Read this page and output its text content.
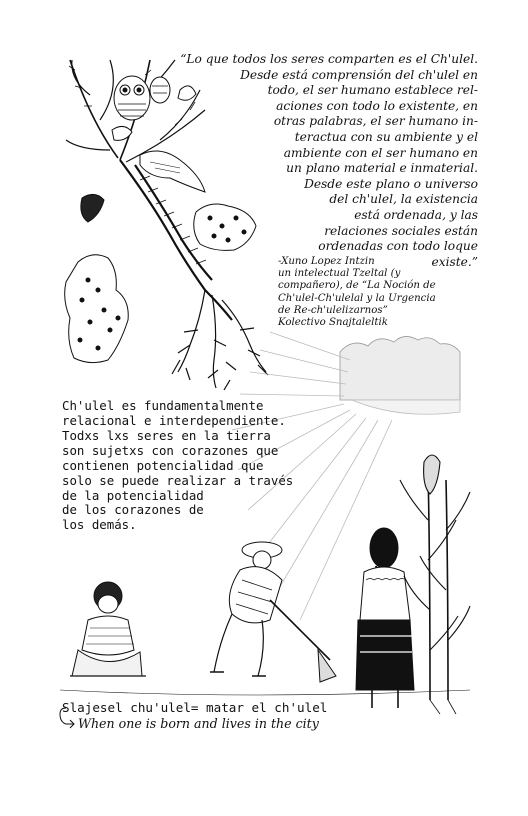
“Lo que todos los seres comparten es el Ch'ulel.
Desde está comprensión del ch'ulel en
todo, el ser humano establece rel-
aciones con todo lo existente, en
otras palabras, el ser humano in-
teractua con su ambiente y el
ambiente con el ser humano en
un plano material e inmaterial.
Desde este plano o universo
del ch'ulel, la existencia
está ordenada, y las
relaciones sociales están
ordenadas con todo loque
existe.”
-Xuno Lopez Intzin
un intelectual Tzeltal (y
compañero), de “La Noción de
Ch'ulel-Ch'ulelal y la Urgencia
de Re-ch'ulelizarnos”
Kolectivo Snajtaleltik
Ch'ulel es fundamentalmente
relacional e interdependiente.
Todxs lxs seres en la tierra
son sujetxs con corazones que
contienen potencialidad que
solo se puede realizar a través
de la potencialidad
de los corazones de
los demás.
Slajesel chu'ulel= matar el ch'ulel
When one is born and lives in the city
